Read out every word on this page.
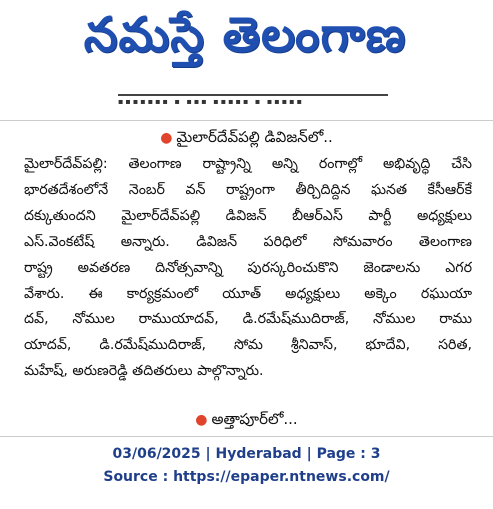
నమస్తే తెలంగాణ
▪▪▪▪▪▪▪ ▪ ▪▪▪ ▪▪▪▪▪ ▪ ▪▪▪▪▪
● మైలార్‌దేవ్‌పల్లి డివిజన్‌లో..
మైలార్‌దేవ్‌పల్లి: తెలంగాణ రాష్ట్రాన్ని అన్ని రంగాల్లో అభివృద్ధి చేసి
భారతదేశంలోనే నెంబర్ వన్ రాష్ట్రంగా తీర్చిదిద్దిన ఘనత కేసీఆర్‌కే
దక్కుతుందని మైలార్‌దేవ్‌పల్లి డివిజన్ బీఆర్‌ఎస్ పార్టీ అధ్యక్షులు
ఎస్.వెంకటేష్ అన్నారు. డివిజన్ పరిధిలో సోమవారం తెలంగాణ
రాష్ట్ర అవతరణ దినోత్సవాన్ని పురస్కరించుకొని జెండాలను ఎగర
వేశారు. ఈ కార్యక్రమంలో యూత్ అధ్యక్షులు అక్కెం రఘుయా
దవ్, నోముల రాముయాదవ్, డి.రమేష్‌ముదిరాజ్, నోముల రాము
యాదవ్, డి.రమేష్‌ముదిరాజ్, సోమ శ్రీనివాస్, భూదేవి, సరిత,
మహేష్, అరుణరెడ్డి తదితరులు పాల్గొన్నారు.
● అత్తాపూర్‌లో...
03/06/2025 | Hyderabad | Page : 3
Source : https://epaper.ntnews.com/
